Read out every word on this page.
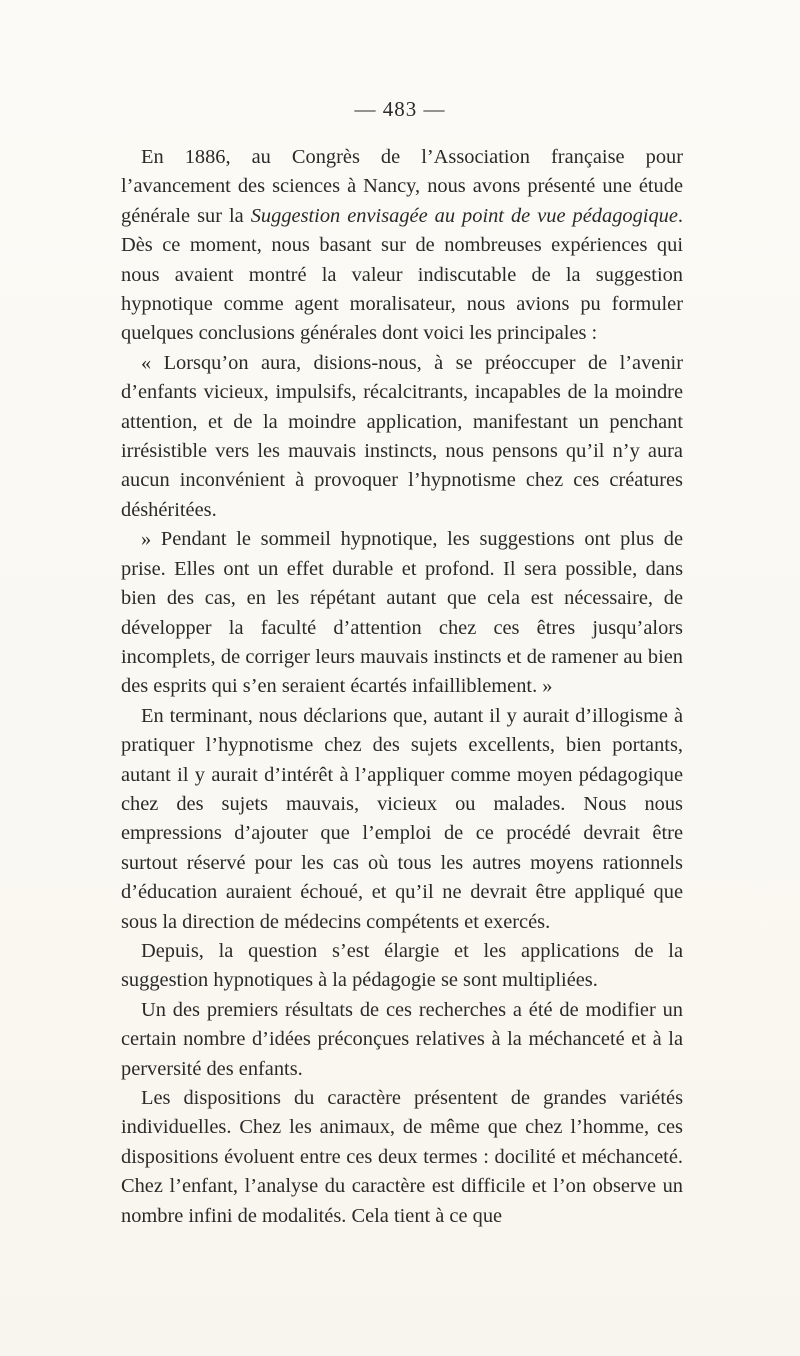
— 483 —

En 1886, au Congrès de l’Association française pour l’avancement des sciences à Nancy, nous avons présenté une étude générale sur la Suggestion envisagée au point de vue pédagogique. Dès ce moment, nous basant sur de nombreuses expériences qui nous avaient montré la valeur indiscutable de la suggestion hypnotique comme agent moralisateur, nous avions pu formuler quelques conclusions générales dont voici les principales :

« Lorsqu’on aura, disions-nous, à se préoccuper de l’avenir d’enfants vicieux, impulsifs, récalcitrants, incapables de la moindre attention, et de la moindre application, manifestant un penchant irrésistible vers les mauvais instincts, nous pensons qu’il n’y aura aucun inconvénient à provoquer l’hypnotisme chez ces créatures déshéritées.

» Pendant le sommeil hypnotique, les suggestions ont plus de prise. Elles ont un effet durable et profond. Il sera possible, dans bien des cas, en les répétant autant que cela est nécessaire, de développer la faculté d’attention chez ces êtres jusqu’alors incomplets, de corriger leurs mauvais instincts et de ramener au bien des esprits qui s’en seraient écartés infailliblement. »

En terminant, nous déclarions que, autant il y aurait d’illogisme à pratiquer l’hypnotisme chez des sujets excellents, bien portants, autant il y aurait d’intérêt à l’appliquer comme moyen pédagogique chez des sujets mauvais, vicieux ou malades. Nous nous empressions d’ajouter que l’emploi de ce procédé devrait être surtout réservé pour les cas où tous les autres moyens rationnels d’éducation auraient échoué, et qu’il ne devrait être appliqué que sous la direction de médecins compétents et exercés.

Depuis, la question s’est élargie et les applications de la suggestion hypnotiques à la pédagogie se sont multipliées.

Un des premiers résultats de ces recherches a été de modifier un certain nombre d’idées préconçues relatives à la méchanceté et à la perversité des enfants.

Les dispositions du caractère présentent de grandes variétés individuelles. Chez les animaux, de même que chez l’homme, ces dispositions évoluent entre ces deux termes : docilité et méchanceté. Chez l’enfant, l’analyse du caractère est difficile et l’on observe un nombre infini de modalités. Cela tient à ce que
